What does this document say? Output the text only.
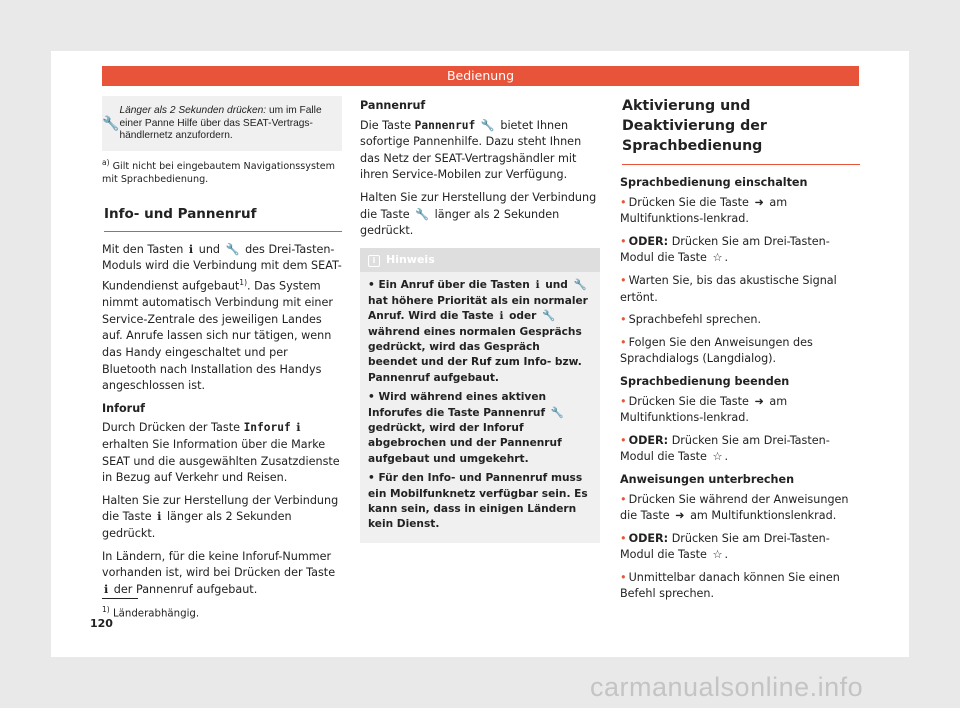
Bedienung
🔧
Länger als 2 Sekunden drücken: um im Falle einer Panne Hilfe über das SEAT-Vertrags-händlernetz anzufordern.
$^{a)}$ Gilt nicht bei eingebautem Navigationssystem mit Sprachbedienung.
Info- und Pannenruf

Mit den Tasten ℹ und 🔧 des Drei-Tasten-Moduls wird die Verbindung mit dem SEAT-Kundendienst aufgebaut$^{1)}$. Das System nimmt automatisch Verbindung mit einer Service-Zentrale des jeweiligen Landes auf. Anrufe lassen sich nur tätigen, wenn das Handy eingeschaltet und per Bluetooth nach Installation des Handys angeschlossen ist.

Inforuf

Durch Drücken der Taste Inforuf ℹ erhalten Sie Information über die Marke SEAT und die ausgewählten Zusatzdienste in Bezug auf Verkehr und Reisen.

Halten Sie zur Herstellung der Verbindung die Taste ℹ länger als 2 Sekunden gedrückt.

In Ländern, für die keine Inforuf-Nummer vorhanden ist, wird bei Drücken der Taste ℹ der Pannenruf aufgebaut.

Pannenruf

Die Taste Pannenruf 🔧 bietet Ihnen sofortige Pannenhilfe. Dazu steht Ihnen das Netz der SEAT-Vertragshändler mit ihren Service-Mobilen zur Verfügung.

Halten Sie zur Herstellung der Verbindung die Taste 🔧 länger als 2 Sekunden gedrückt.

i Hinweis

• Ein Anruf über die Tasten ℹ und 🔧 hat höhere Priorität als ein normaler Anruf. Wird die Taste ℹ oder 🔧 während eines normalen Gesprächs gedrückt, wird das Gespräch beendet und der Ruf zum Info- bzw. Pannenruf aufgebaut.

• Wird während eines aktiven Inforufes die Taste Pannenruf 🔧 gedrückt, wird der Inforuf abgebrochen und der Pannenruf aufgebaut und umgekehrt.

• Für den Info- und Pannenruf muss ein Mobilfunknetz verfügbar sein. Es kann sein, dass in einigen Ländern kein Dienst.

Aktivierung und Deaktivierung der Sprachbedienung
Sprachbedienung einschalten

• Drücken Sie die Taste ➜ am Multifunktions-lenkrad.

• ODER: Drücken Sie am Drei-Tasten-Modul die Taste ☆ .

• Warten Sie, bis das akustische Signal ertönt.

• Sprachbefehl sprechen.

• Folgen Sie den Anweisungen des Sprachdialogs (Langdialog).

Sprachbedienung beenden

• Drücken Sie die Taste ➜ am Multifunktions-lenkrad.

• ODER: Drücken Sie am Drei-Tasten-Modul die Taste ☆ .

Anweisungen unterbrechen

• Drücken Sie während der Anweisungen die Taste ➜ am Multifunktionslenkrad.

• ODER: Drücken Sie am Drei-Tasten-Modul die Taste ☆ .

• Unmittelbar danach können Sie einen Befehl sprechen.

$^{1)}$ Länderabhängig.
120
carmanualsonline.info
